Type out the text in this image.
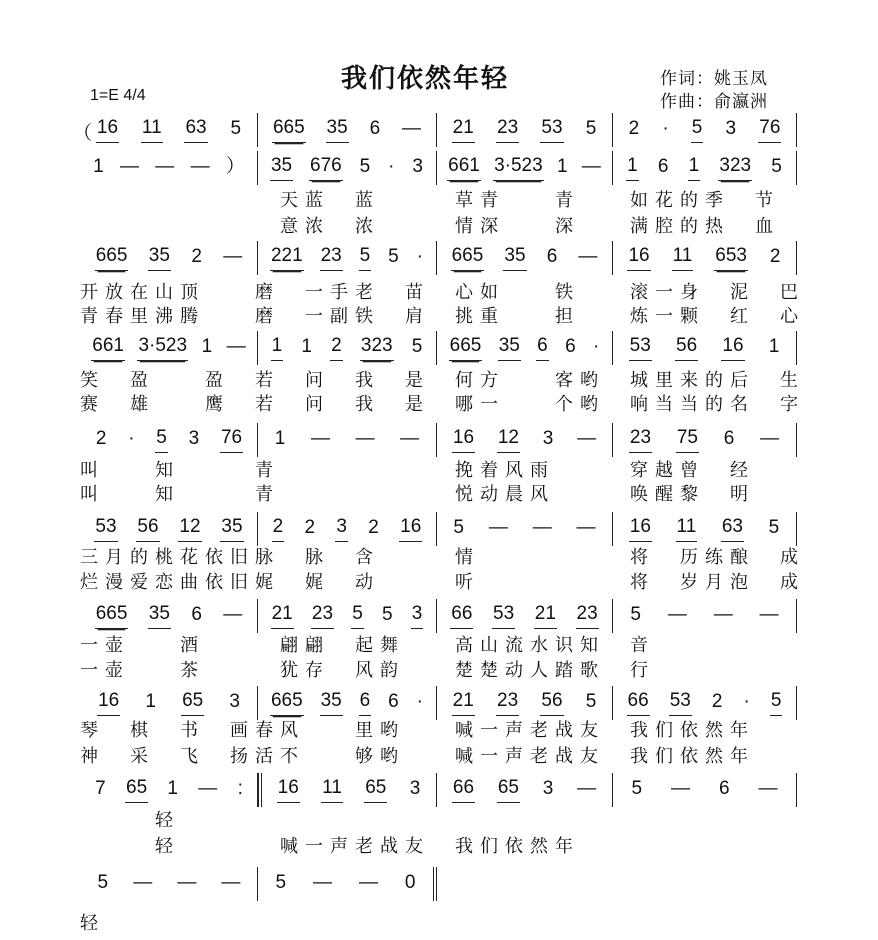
我们依然年轻	作词：姚玉凤
作曲：俞瀛洲
1=E 4/4
（ 16 11 63 5 665 35 6 — 21 23 53 5 2 · 5 3 76
1 — — — ） 35 676 5 · 3 661 3·523 1 — 1 6 1 323 5
　　　　　　　　天蓝　蓝　　　草青　　青　　如花的季　节
　　　　　　　　意浓　浓　　　情深　　深　　满腔的热　血
665 35 2 — 221 23 5 5 · 665 35 6 — 16 11 653 2
开放在山顶　　磨　一手老　苗　心如　　铁　　滚一身　泥　巴
青春里沸腾　　磨　一副铁　肩　挑重　　担　　炼一颗　红　心
661 3·523 1 — 1 1 2 323 5 665 35 6 6 · 53 56 16 1
笑　盈　　盈　若　问　我　是　何方　　客哟　城里来的后　生
赛　雄　　鹰　若　问　我　是　哪一　　个哟　响当当的名　字
2 · 5 3 76 1 — — — 16 12 3 — 23 75 6 —
叫　　知　　　青　　　　　　　挽着风雨　　　穿越曾　经
叫　　知　　　青　　　　　　　悦动晨风　　　唤醒黎　明
53 56 12 35 2 2 3 2 16 5 — — — 16 11 63 5
三月的桃花依旧脉　脉　含　　　情　　　　　　将　历练酿　成
烂漫爱恋曲依旧娓　娓　动　　　听　　　　　　将　岁月泡　成
665 35 6 — 21 23 5 5 3 66 53 21 23 5 — — —
一壶　　酒　　　翩翩　起舞　　高山流水识知　音
一壶　　茶　　　犹存　风韵　　楚楚动人踏歌　行
16 1 65 3 665 35 6 6 · 21 23 56 5 66 53 2 · 5
琴　棋　书　画春风　　里哟　　喊一声老战友　我们依然年
神　采　飞　扬活不　　够哟　　喊一声老战友　我们依然年
7 65 1 — : 16 11 65 3 66 65 3 — 5 — 6 —
　　　轻
　　　轻　　　　喊一声老战友　我们依然年
5 — — — 5 — — 0
轻
